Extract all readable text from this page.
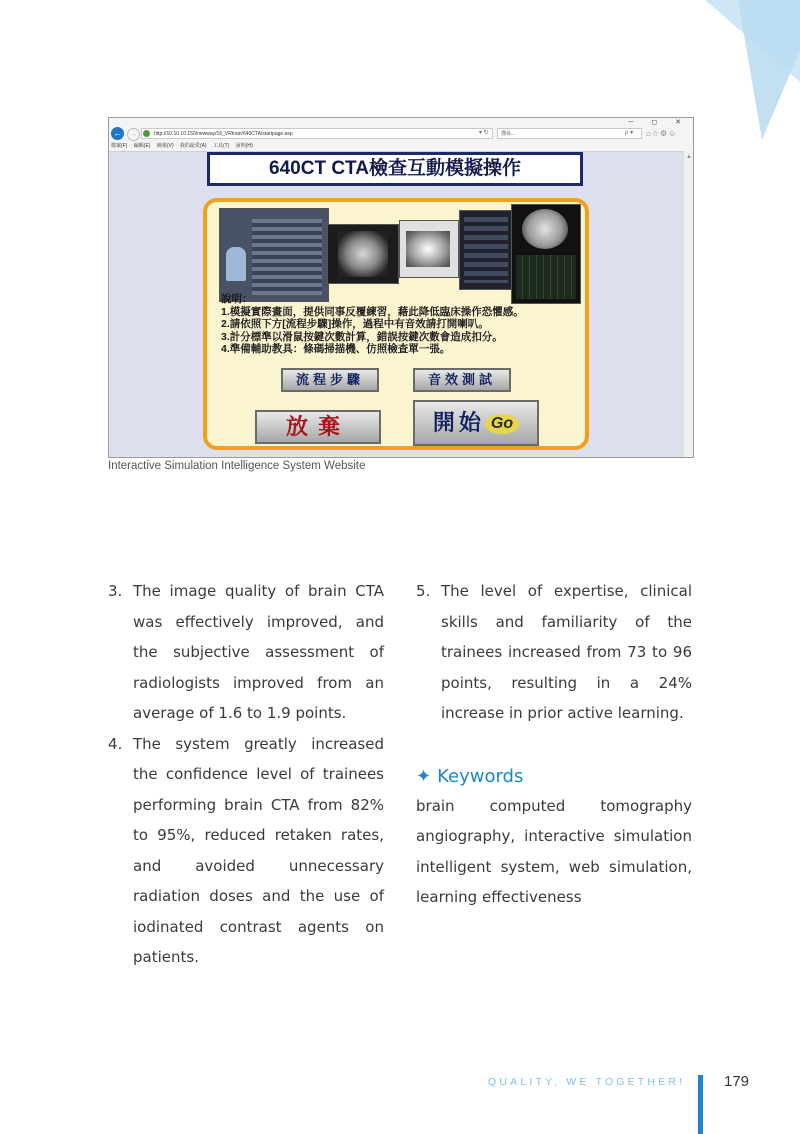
←	→	http://10.10.10.150/newway/16_VRtrain/640CTA/startpage.asp	▾ ↻	搜尋...	ρ ▾ ⌂☆⚙☺
─ ◻ ✕
檔案(F) 編輯(E) 檢視(V) 我的最愛(A) 工具(T) 說明(H)
▲
640CT CTA檢查互動模擬操作
說明：
1.模擬實際畫面，提供同事反覆練習，藉此降低臨床操作恐懼感。
2.請依照下方[流程步驟]操作，過程中有音效請打開喇叭。
3.計分標準以滑鼠按鍵次數計算，錯誤按鍵次數會造成扣分。
4.準備輔助教具：條碼掃描機、仿照檢查單一張。
流程步驟	音效測試
放棄	開始 Go
Interactive Simulation Intelligence System Website
3. The image quality of brain CTA was effectively improved, and the subjective assessment of radiologists improved from an average of 1.6 to 1.9 points.
4. The system greatly increased the confidence level of trainees performing brain CTA from 82% to 95%, reduced retaken rates, and avoided unnecessary radiation doses and the use of iodinated contrast agents on patients.
5. The level of expertise, clinical skills and familiarity of the trainees increased from 73 to 96 points, resulting in a 24% increase in prior active learning.
✦ Keywords
brain computed tomography angiography, interactive simulation intelligent system, web simulation, learning effectiveness
QUALITY, WE TOGETHER!	179
